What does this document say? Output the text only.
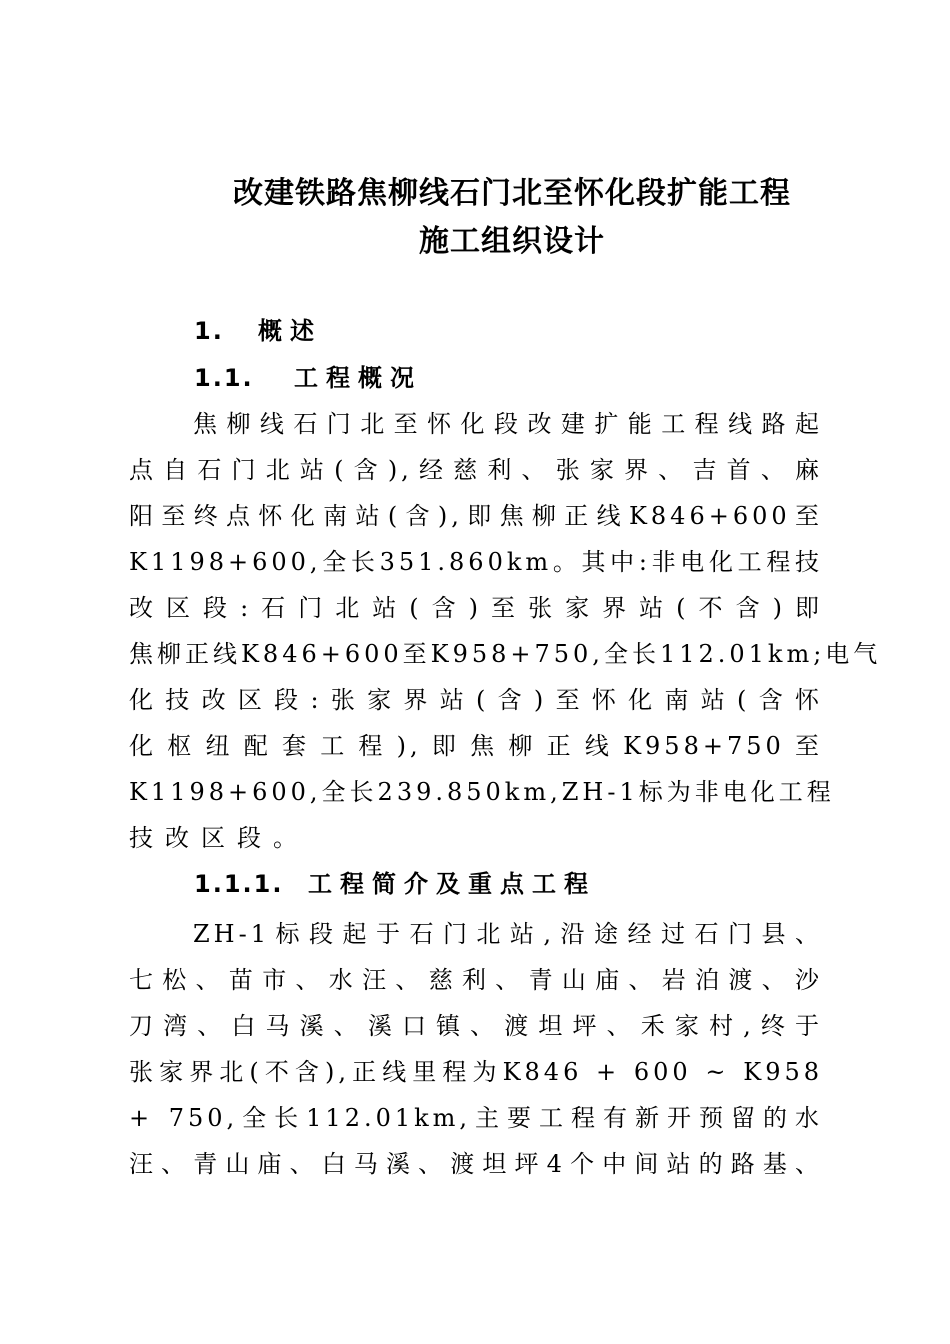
改建铁路焦柳线石门北至怀化段扩能工程
施工组织设计
1. 概述
1.1. 工程概况
焦柳线石门北至怀化段改建扩能工程线路起
点自石门北站(含),经慈利、张家界、吉首、麻
阳至终点怀化南站(含),即焦柳正线K846+600至
K1198+600,全长351.860km。其中:非电化工程技
改区段:石门北站(含)至张家界站(不含)即
焦柳正线K846+600至K958+750,全长112.01km;电气
化技改区段:张家界站(含)至怀化南站(含怀
化枢纽配套工程),即焦柳正线K958+750至
K1198+600,全长239.850km,ZH-1标为非电化工程
技改区段。
1.1.1. 工程简介及重点工程
ZH-1标段起于石门北站,沿途经过石门县、
七松、苗市、水汪、慈利、青山庙、岩泊渡、沙
刀湾、白马溪、溪口镇、渡坦坪、禾家村,终于
张家界北(不含),正线里程为K846 + 600 ~ K958
+ 750,全长112.01km,主要工程有新开预留的水
汪、青山庙、白马溪、渡坦坪4个中间站的路基、
